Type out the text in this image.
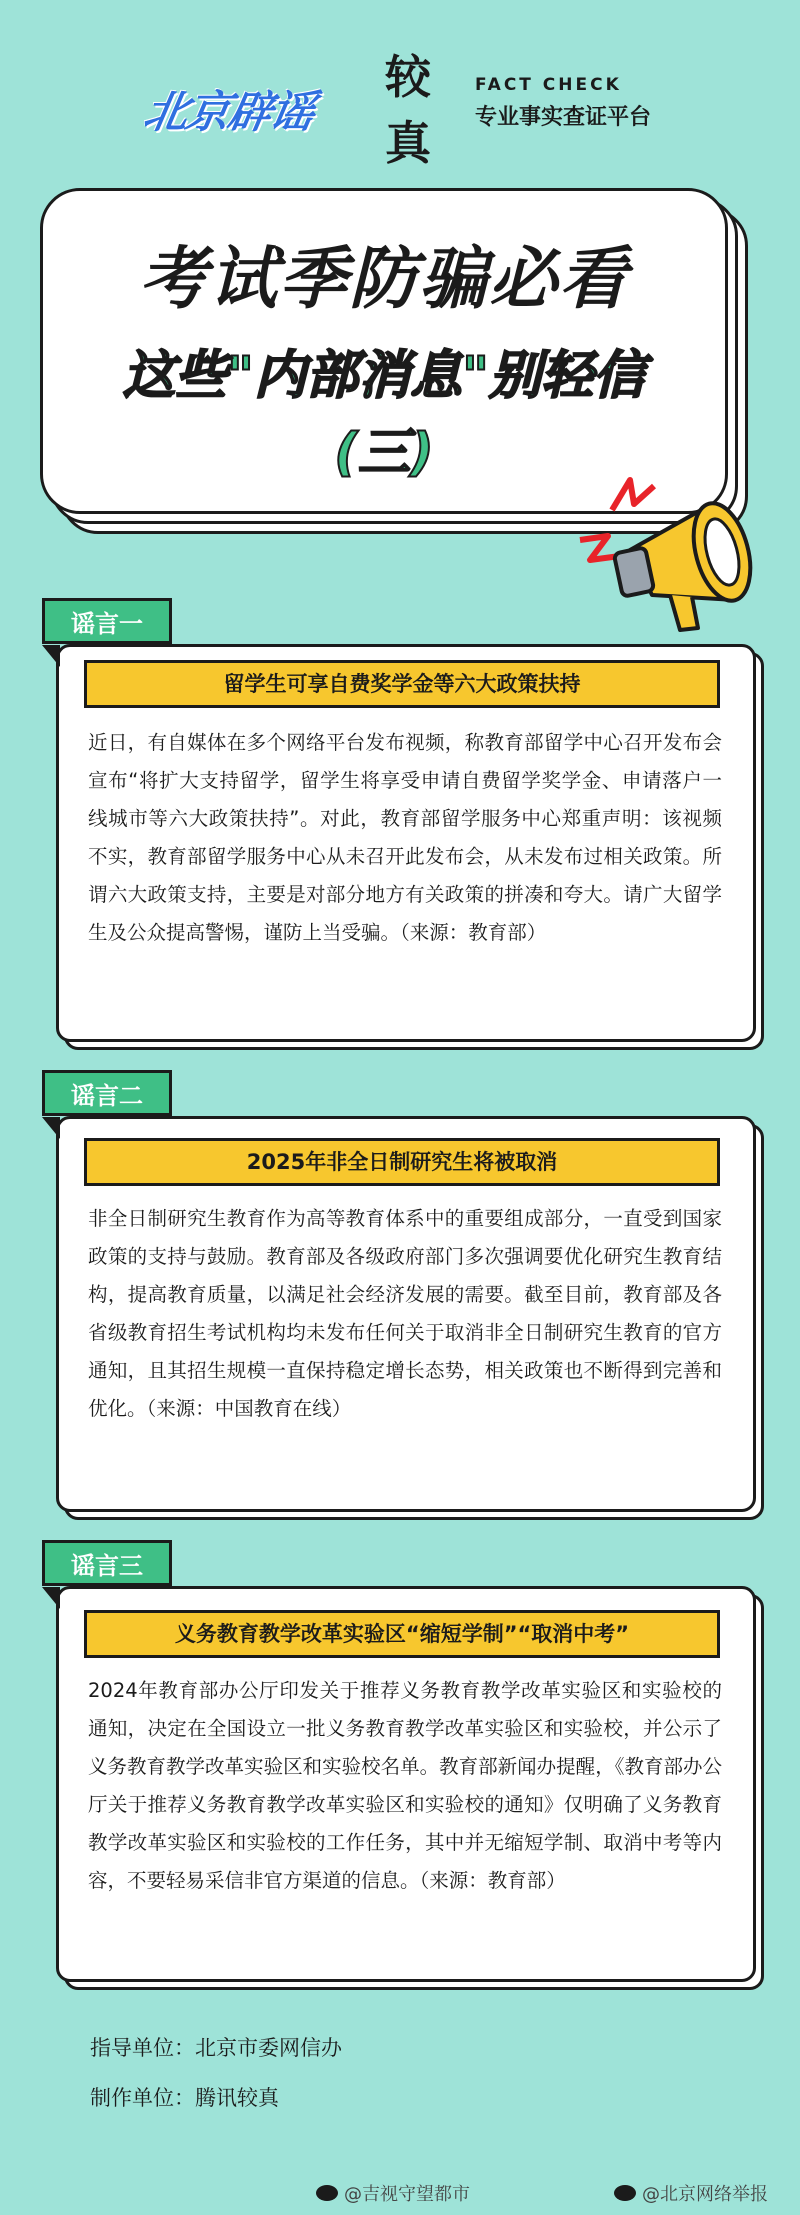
北京辟谣
较真
FACT CHECK
专业事实查证平台
考试季防骗必看
这些"内部消息"别轻信
(三)
谣言一
留学生可享自费奖学金等六大政策扶持
近日，有自媒体在多个网络平台发布视频，称教育部留学中心召开发布会宣布“将扩大支持留学，留学生将享受申请自费留学奖学金、申请落户一线城市等六大政策扶持”。对此，教育部留学服务中心郑重声明：该视频不实，教育部留学服务中心从未召开此发布会，从未发布过相关政策。所谓六大政策支持，主要是对部分地方有关政策的拼凑和夸大。请广大留学生及公众提高警惕，谨防上当受骗。（来源：教育部）
谣言二
2025年非全日制研究生将被取消
非全日制研究生教育作为高等教育体系中的重要组成部分，一直受到国家政策的支持与鼓励。教育部及各级政府部门多次强调要优化研究生教育结构，提高教育质量，以满足社会经济发展的需要。截至目前，教育部及各省级教育招生考试机构均未发布任何关于取消非全日制研究生教育的官方通知，且其招生规模一直保持稳定增长态势，相关政策也不断得到完善和优化。（来源：中国教育在线）
谣言三
义务教育教学改革实验区“缩短学制”“取消中考”
2024年教育部办公厅印发关于推荐义务教育教学改革实验区和实验校的通知，决定在全国设立一批义务教育教学改革实验区和实验校，并公示了义务教育教学改革实验区和实验校名单。教育部新闻办提醒，《教育部办公厅关于推荐义务教育教学改革实验区和实验校的通知》仅明确了义务教育教学改革实验区和实验校的工作任务，其中并无缩短学制、取消中考等内容，不要轻易采信非官方渠道的信息。（来源：教育部）
指导单位：北京市委网信办
制作单位：腾讯较真
@吉视守望都市	@北京网络举报
